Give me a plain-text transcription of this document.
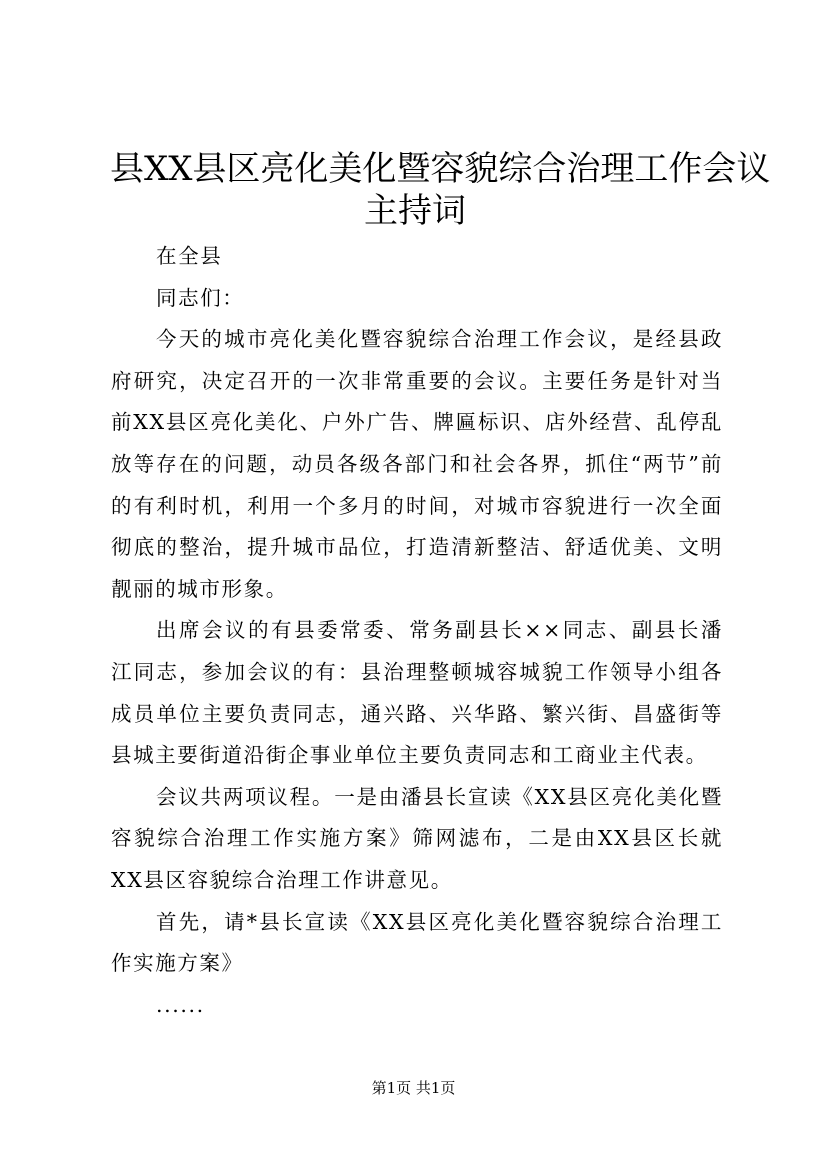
县XX县区亮化美化暨容貌综合治理工作会议
主持词

在全县

同志们：

今天的城市亮化美化暨容貌综合治理工作会议，是经县政府研究，决定召开的一次非常重要的会议。主要任务是针对当前XX县区亮化美化、户外广告、牌匾标识、店外经营、乱停乱放等存在的问题，动员各级各部门和社会各界，抓住“两节”前的有利时机，利用一个多月的时间，对城市容貌进行一次全面彻底的整治，提升城市品位，打造清新整洁、舒适优美、文明靓丽的城市形象。

出席会议的有县委常委、常务副县长××同志、副县长潘江同志，参加会议的有：县治理整顿城容城貌工作领导小组各成员单位主要负责同志，通兴路、兴华路、繁兴街、昌盛街等县城主要街道沿街企事业单位主要负责同志和工商业主代表。

会议共两项议程。一是由潘县长宣读《XX县区亮化美化暨容貌综合治理工作实施方案》筛网滤布，二是由XX县区长就XX县区容貌综合治理工作讲意见。

首先，请*县长宣读《XX县区亮化美化暨容貌综合治理工作实施方案》

......

第1页 共1页
